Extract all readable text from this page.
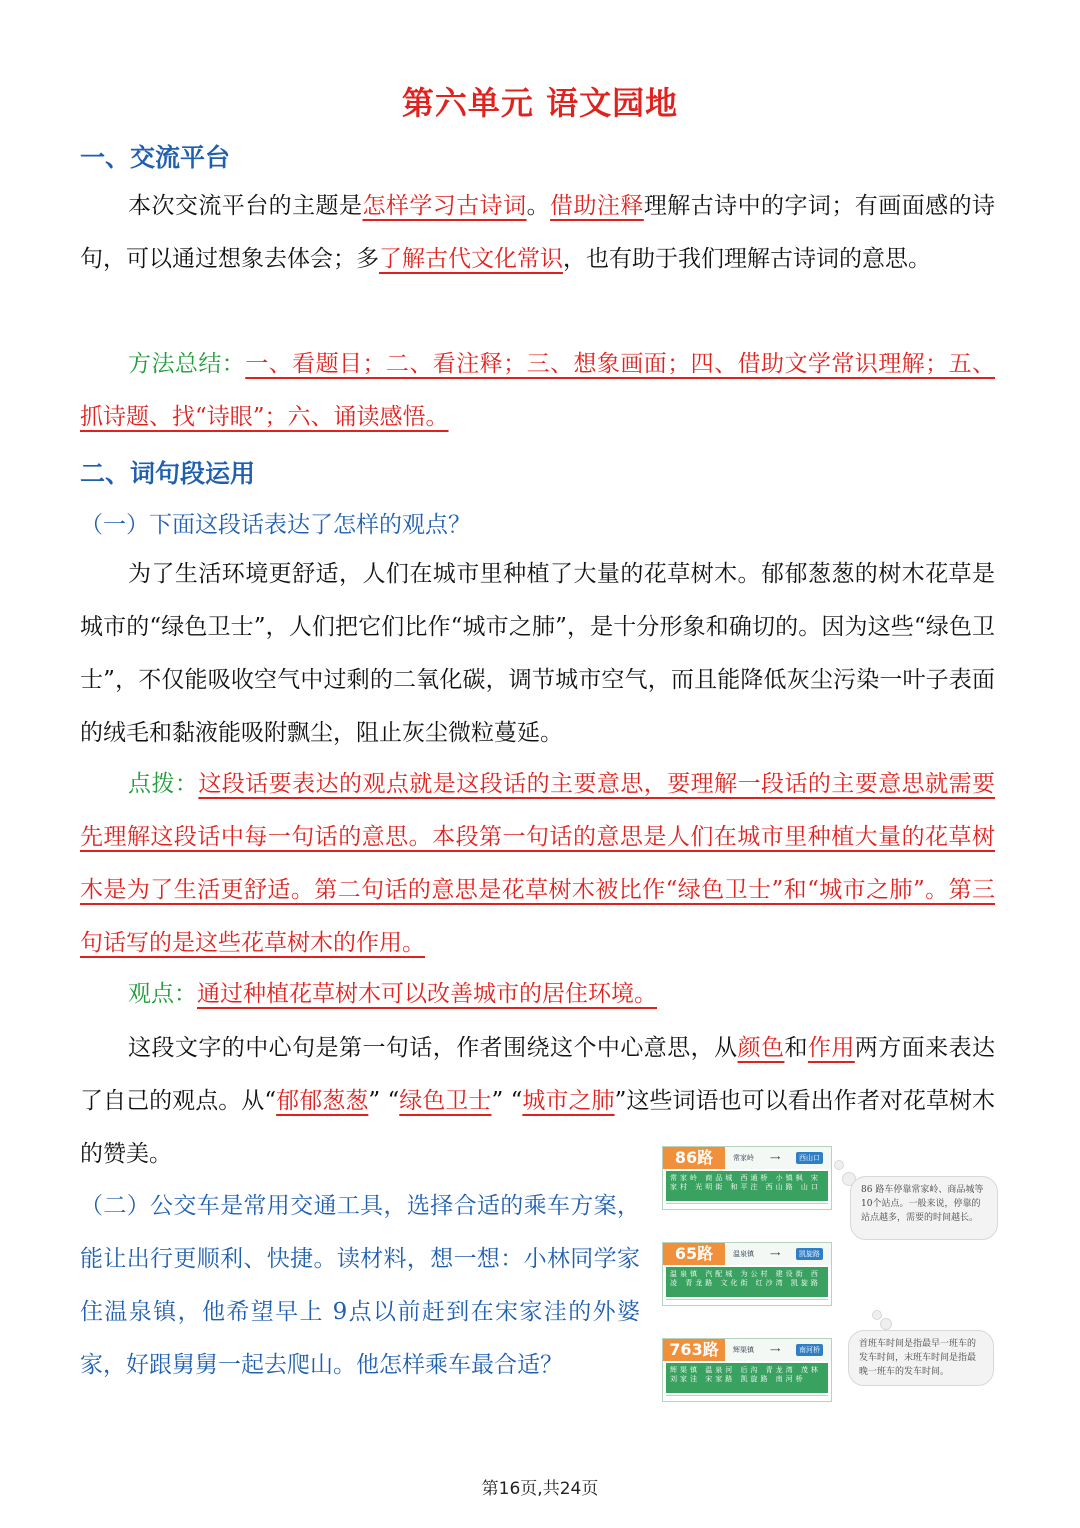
第六单元 语文园地
一、交流平台
本次交流平台的主题是怎样学习古诗词。借助注释理解古诗中的字词；有画面感的诗句，可以通过想象去体会；多了解古代文化常识，也有助于我们理解古诗词的意思。
方法总结：一、看题目；二、看注释；三、想象画面；四、借助文学常识理解；五、抓诗题、找“诗眼”；六、诵读感悟。
二、词句段运用
（一）下面这段话表达了怎样的观点？
为了生活环境更舒适，人们在城市里种植了大量的花草树木。郁郁葱葱的树木花草是城市的“绿色卫士”，人们把它们比作“城市之肺”，是十分形象和确切的。因为这些“绿色卫士”，不仅能吸收空气中过剩的二氧化碳，调节城市空气，而且能降低灰尘污染一叶子表面的绒毛和黏液能吸附飘尘，阻止灰尘微粒蔓延。
点拨：这段话要表达的观点就是这段话的主要意思，要理解一段话的主要意思就需要先理解这段话中每一句话的意思。本段第一句话的意思是人们在城市里种植大量的花草树木是为了生活更舒适。第二句话的意思是花草树木被比作“绿色卫士”和“城市之肺”。第三句话写的是这些花草树木的作用。
观点：通过种植花草树木可以改善城市的居住环境。
这段文字的中心句是第一句话，作者围绕这个中心意思，从颜色和作用两方面来表达了自己的观点。从“郁郁葱葱” “绿色卫士” “城市之肺”这些词语也可以看出作者对花草树木的赞美。
（二）公交车是常用交通工具，选择合适的乘车方案，能让出行更顺利、快捷。读材料，想一想：小林同学家住温泉镇，他希望早上 9点以前赶到在宋家洼的外婆家，好跟舅舅一起去爬山。他怎样乘车最合适？
86路	常家岭 ⟶	西山口
常家岭 商品城 西通桥 小镇枫 宋家村 光明街 和平注 西山路 山口
65路	温泉镇 ⟶	凯旋路
温泉镇 汽配城 为公村 建设街 西凌 青龙路 文化街 红沙湾 凯旋路
763路	辉渠镇 ⟶	南河桥
辉渠镇 温泉河 后沟 青龙湾 茂林 刘家洼 宋家路 凯旋路 南河桥
86 路车停靠常家岭、商品城等10个站点。一般来说，停靠的站点越多，需要的时间越长。
首班车时间是指最早一班车的发车时间，末班车时间是指最晚一班车的发车时间。
第16页,共24页
